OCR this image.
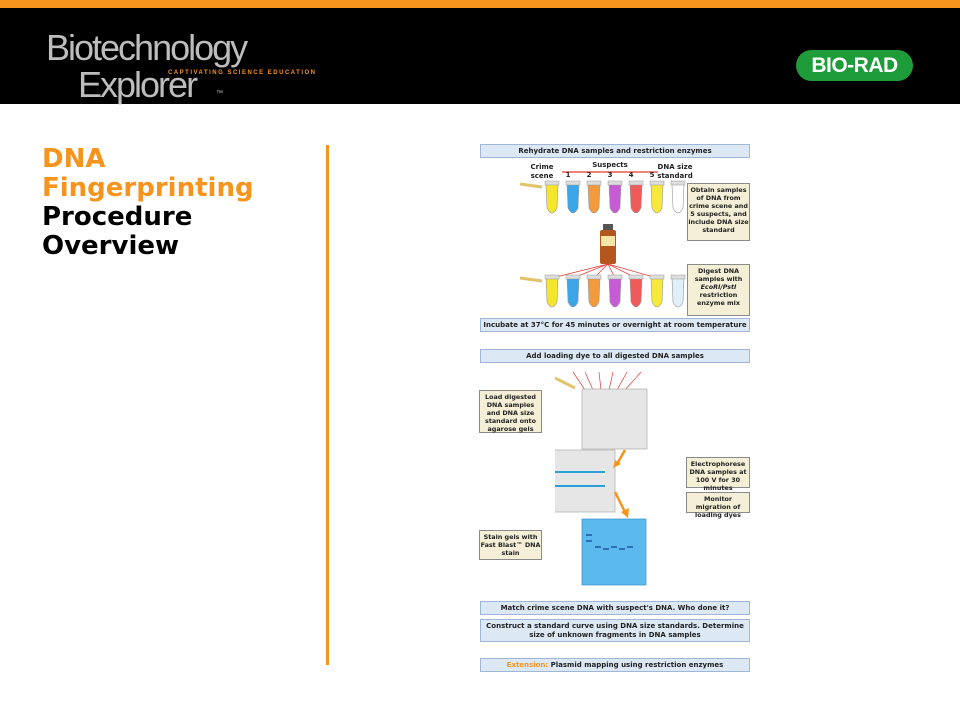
Biotechnology
Explorer	™
CAPTIVATING SCIENCE EDUCATION	BIO-RAD
DNA
Fingerprinting
Procedure
Overview
Rehydrate DNA samples and restriction enzymes
Crime scene
Suspects
1	2	3	4	5
DNA size standard
Obtain samples of DNA from crime scene and 5 suspects, and include DNA size standard
Digest DNA samples with EcoRI/PstI restriction enzyme mix
Incubate at 37°C for 45 minutes or overnight at room temperature
Add loading dye to all digested DNA samples
Load digested DNA samples and DNA size standard onto agarose gels
Electrophorese DNA samples at 100 V for 30 minutes
Monitor migration of loading dyes
Stain gels with Fast Blast™ DNA stain
Match crime scene DNA with suspect's DNA. Who done it?
Construct a standard curve using DNA size standards. Determine size of unknown fragments in DNA samples
Extension: Plasmid mapping using restriction enzymes
